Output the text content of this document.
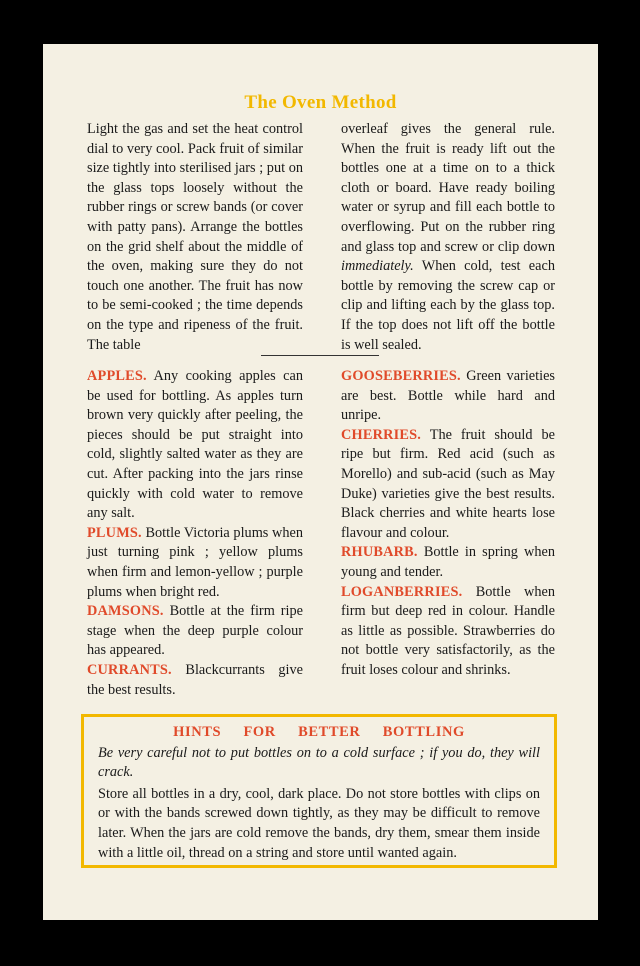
The Oven Method

Light the gas and set the heat control dial to very cool. Pack fruit of similar size tightly into sterilised jars ; put on the glass tops loosely without the rubber rings or screw bands (or cover with patty pans). Arrange the bottles on the grid shelf about the middle of the oven, making sure they do not touch one another. The fruit has now to be semi-cooked ; the time depends on the type and ripeness of the fruit. The table

overleaf gives the general rule. When the fruit is ready lift out the bottles one at a time on to a thick cloth or board. Have ready boiling water or syrup and fill each bottle to overflowing. Put on the rubber ring and glass top and screw or clip down immediately. When cold, test each bottle by removing the screw cap or clip and lifting each by the glass top. If the top does not lift off the bottle is well sealed.

APPLES. Any cooking apples can be used for bottling. As apples turn brown very quickly after peeling, the pieces should be put straight into cold, slightly salted water as they are cut. After packing into the jars rinse quickly with cold water to remove any salt.

PLUMS. Bottle Victoria plums when just turning pink ; yellow plums when firm and lemon-yellow ; purple plums when bright red.

DAMSONS. Bottle at the firm ripe stage when the deep purple colour has appeared.

CURRANTS. Blackcurrants give the best results.

GOOSEBERRIES. Green varieties are best. Bottle while hard and unripe.

CHERRIES. The fruit should be ripe but firm. Red acid (such as Morello) and sub-acid (such as May Duke) varieties give the best results. Black cherries and white hearts lose flavour and colour.

RHUBARB. Bottle in spring when young and tender.

LOGANBERRIES. Bottle when firm but deep red in colour. Handle as little as possible. Strawberries do not bottle very satisfactorily, as the fruit loses colour and shrinks.

HINTS FOR BETTER BOTTLING

Be very careful not to put bottles on to a cold surface ; if you do, they will crack.

Store all bottles in a dry, cool, dark place. Do not store bottles with clips on or with the bands screwed down tightly, as they may be difficult to remove later. When the jars are cold remove the bands, dry them, smear them inside with a little oil, thread on a string and store until wanted again.
